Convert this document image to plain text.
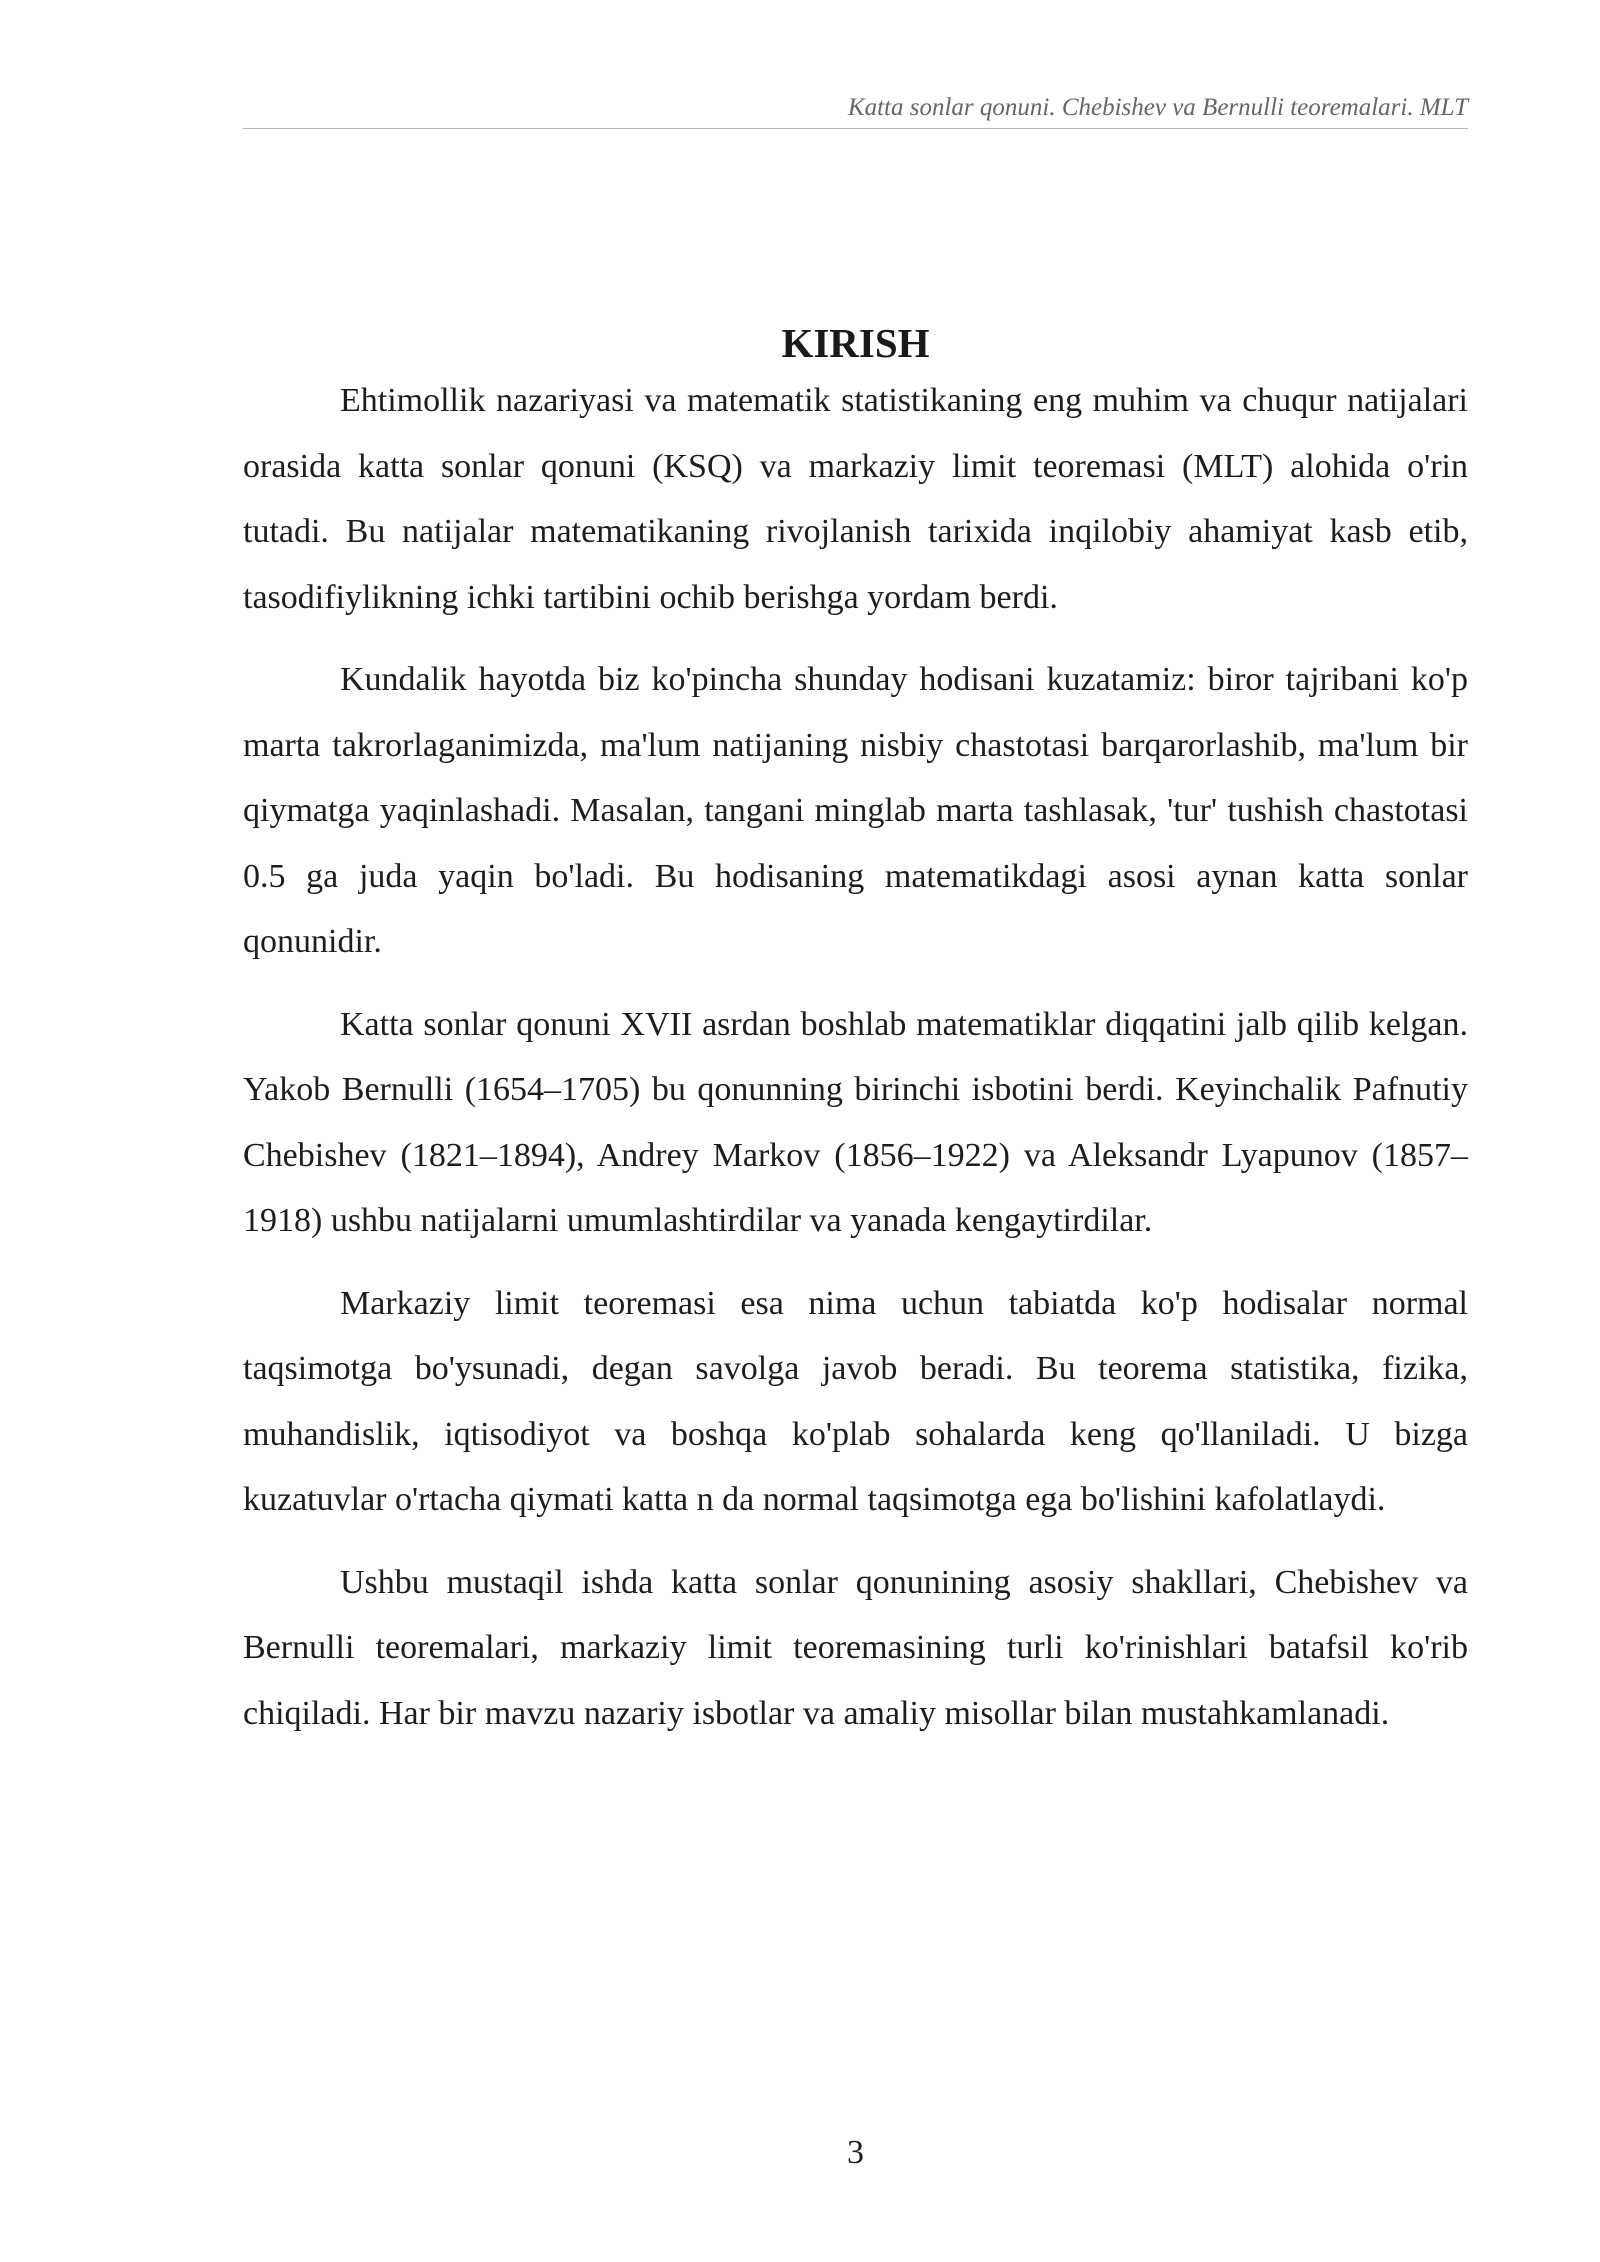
Katta sonlar qonuni. Chebishev va Bernulli teoremalari. MLT
KIRISH

Ehtimollik nazariyasi va matematik statistikaning eng muhim va chuqur natijalari orasida katta sonlar qonuni (KSQ) va markaziy limit teoremasi (MLT) alohida o'rin tutadi. Bu natijalar matematikaning rivojlanish tarixida inqilobiy ahamiyat kasb etib, tasodifiylikning ichki tartibini ochib berishga yordam berdi.

Kundalik hayotda biz ko'pincha shunday hodisani kuzatamiz: biror tajribani ko'p marta takrorlaganimizda, ma'lum natijaning nisbiy chastotasi barqarorlashib, ma'lum bir qiymatga yaqinlashadi. Masalan, tangani minglab marta tashlasak, 'tur' tushish chastotasi 0.5 ga juda yaqin bo'ladi. Bu hodisaning matematikdagi asosi aynan katta sonlar qonunidir.

Katta sonlar qonuni XVII asrdan boshlab matematiklar diqqatini jalb qilib kelgan. Yakob Bernulli (1654–1705) bu qonunning birinchi isbotini berdi. Keyinchalik Pafnutiy Chebishev (1821–1894), Andrey Markov (1856–1922) va Aleksandr Lyapunov (1857–1918) ushbu natijalarni umumlashtirdilar va yanada kengaytirdilar.

Markaziy limit teoremasi esa nima uchun tabiatda ko'p hodisalar normal taqsimotga bo'ysunadi, degan savolga javob beradi. Bu teorema statistika, fizika, muhandislik, iqtisodiyot va boshqa ko'plab sohalarda keng qo'llaniladi. U bizga kuzatuvlar o'rtacha qiymati katta n da normal taqsimotga ega bo'lishini kafolatlaydi.

Ushbu mustaqil ishda katta sonlar qonunining asosiy shakllari, Chebishev va Bernulli teoremalari, markaziy limit teoremasining turli ko'rinishlari batafsil ko'rib chiqiladi. Har bir mavzu nazariy isbotlar va amaliy misollar bilan mustahkamlanadi.

3
